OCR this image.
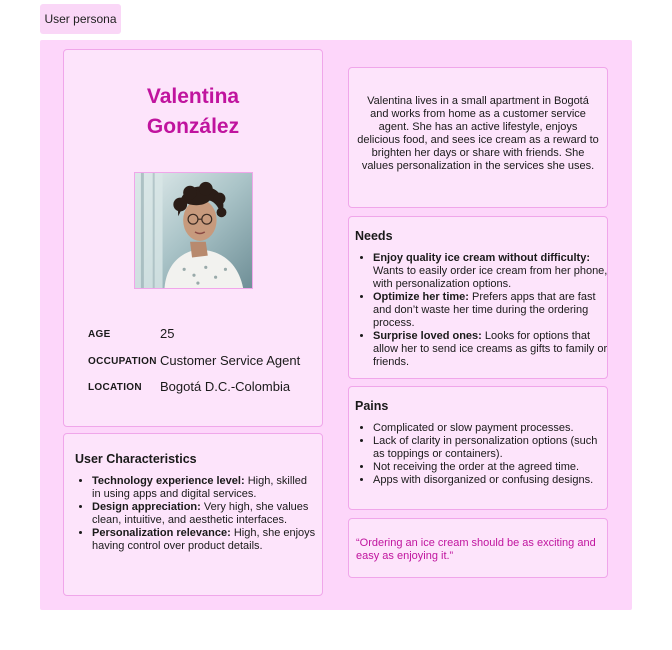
User persona
Valentina
González
AGE	25
OCCUPATION Customer Service Agent
LOCATION Bogotá D.C.-Colombia
User Characteristics
• Technology experience level: High, skilled in using apps and digital services.
• Design appreciation: Very high, she values clean, intuitive, and aesthetic interfaces.
• Personalization relevance: High, she enjoys having control over product details.

Valentina lives in a small apartment in Bogotá and works from home as a customer service agent. She has an active lifestyle, enjoys delicious food, and sees ice cream as a reward to brighten her days or share with friends. She values personalization in the services she uses.

Needs
• Enjoy quality ice cream without difficulty: Wants to easily order ice cream from her phone, with personalization options.
• Optimize her time: Prefers apps that are fast and don’t waste her time during the ordering process.
• Surprise loved ones: Looks for options that allow her to send ice creams as gifts to family or friends.
Pains
• Complicated or slow payment processes.
• Lack of clarity in personalization options (such as toppings or containers).
• Not receiving the order at the agreed time.
• Apps with disorganized or confusing designs.

“Ordering an ice cream should be as exciting and easy as enjoying it.”
